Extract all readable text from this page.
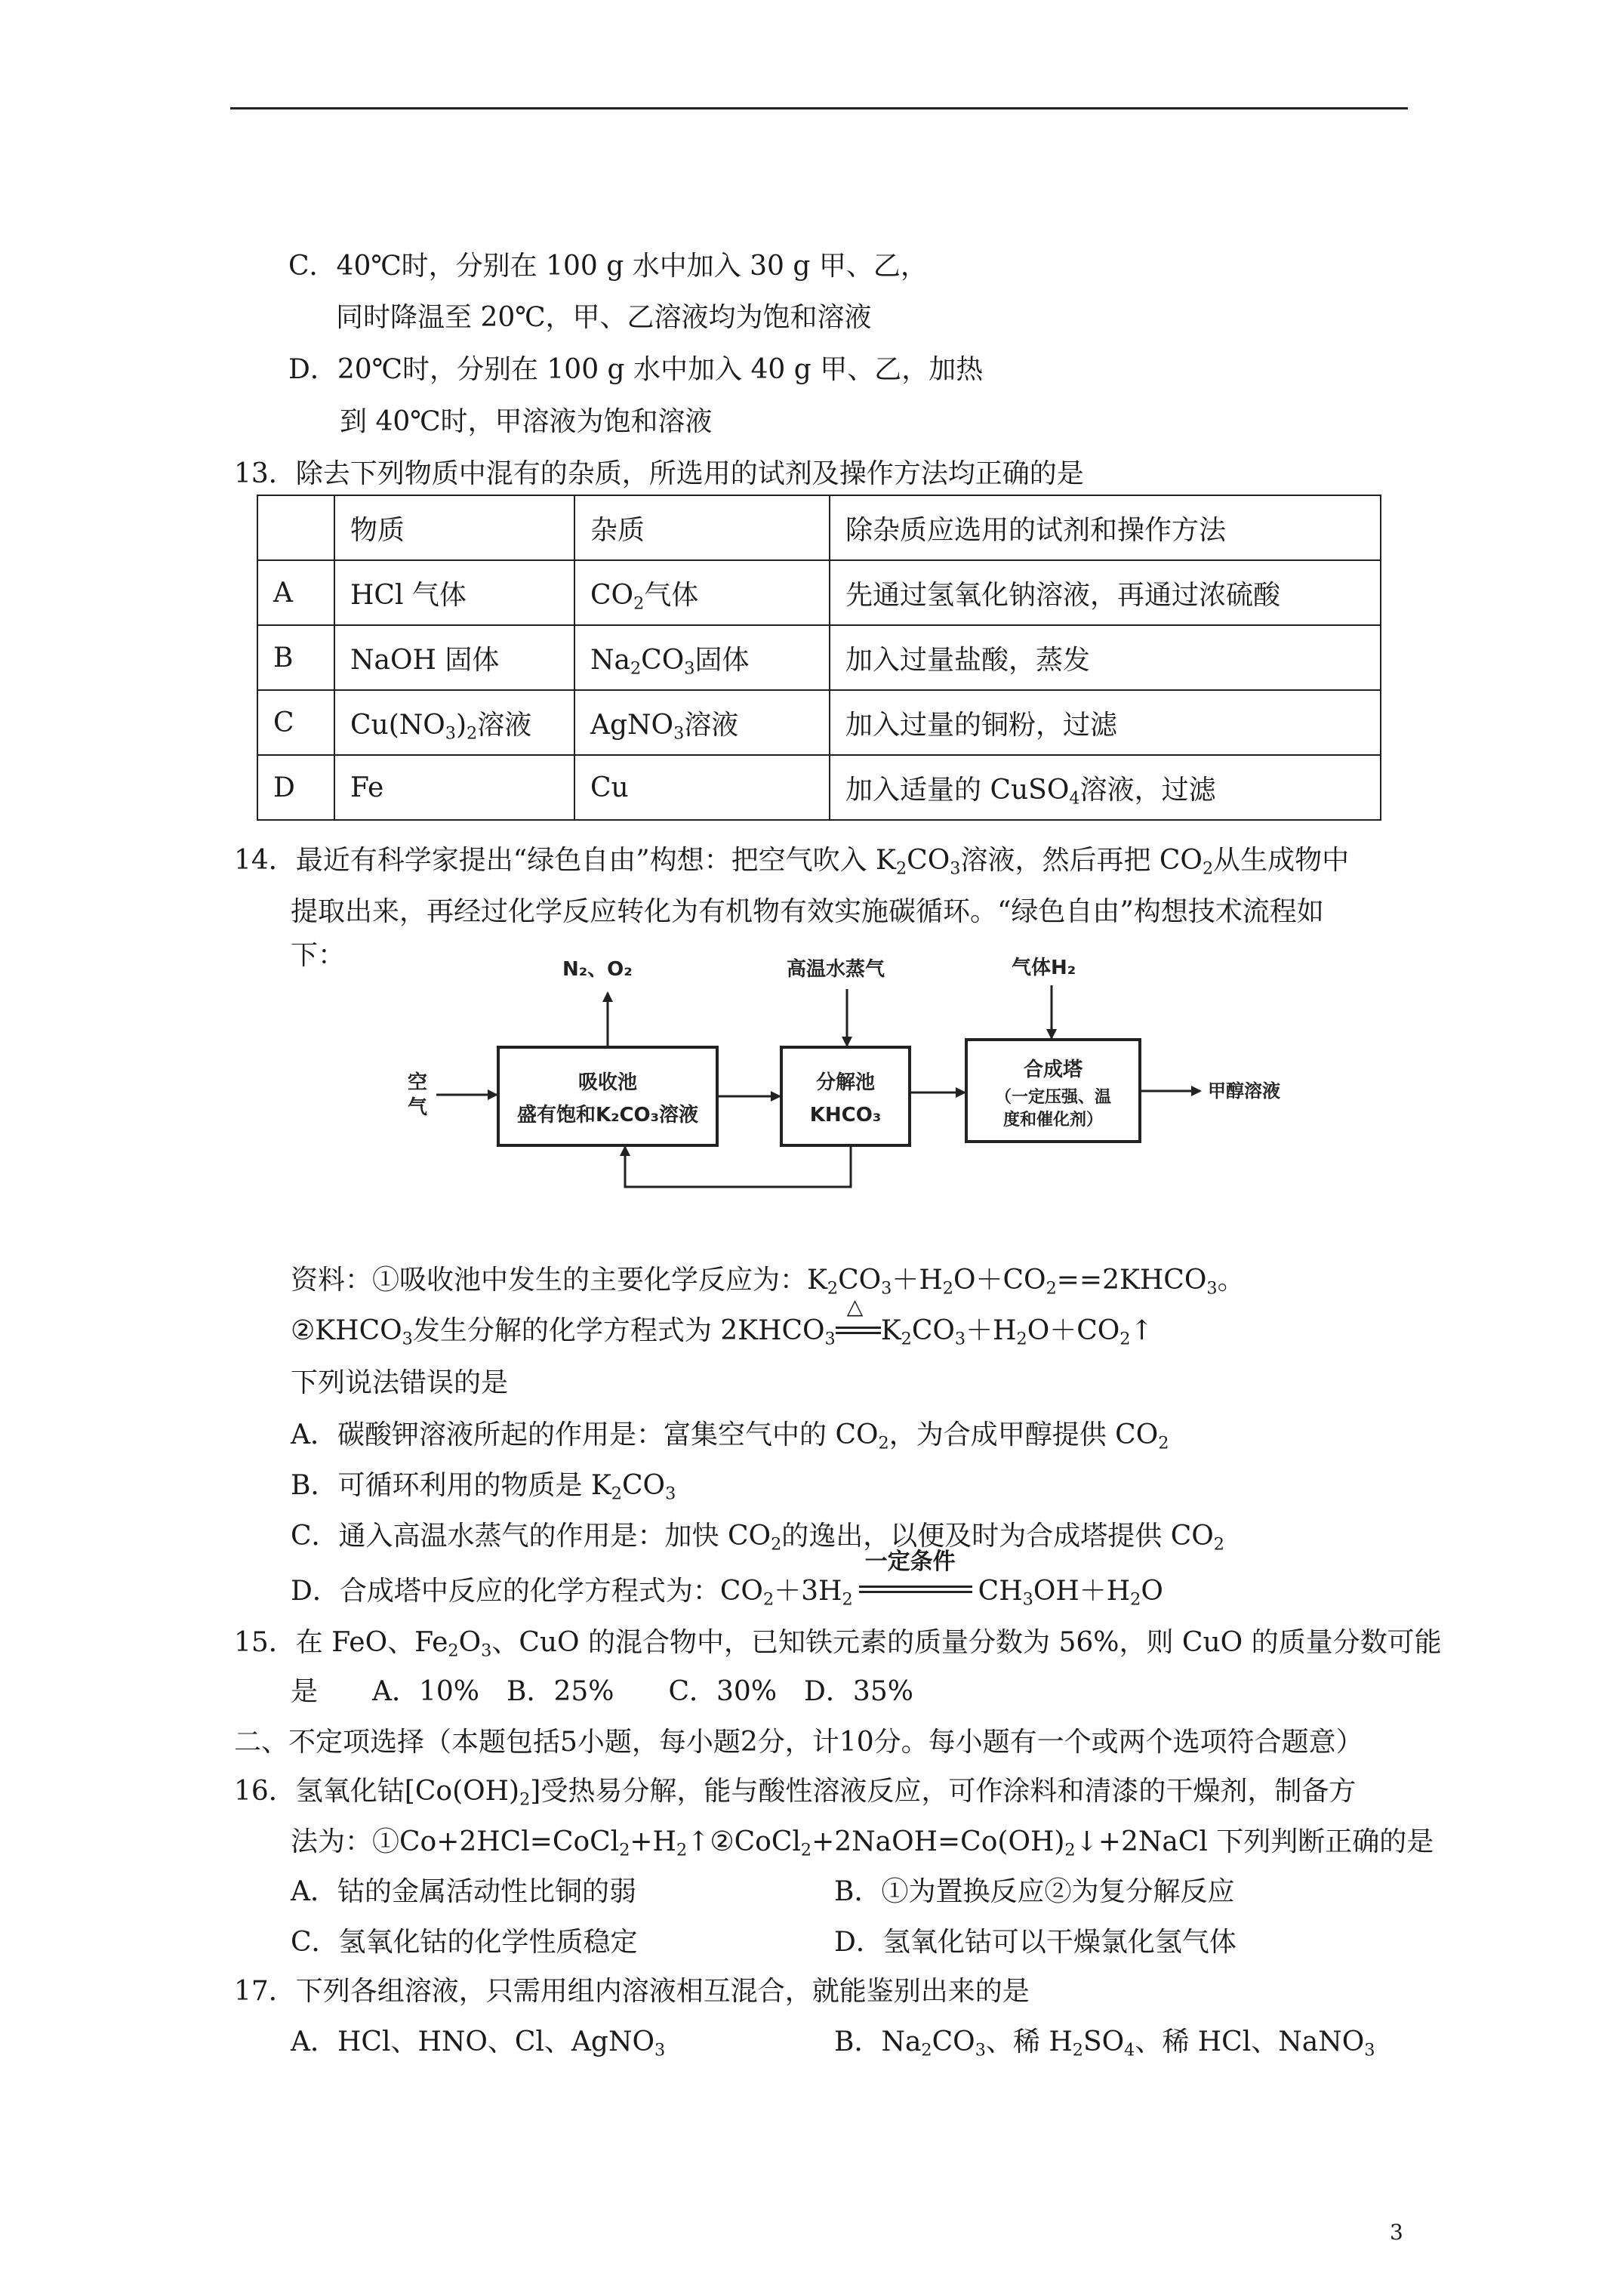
C．40℃时，分别在 100 g 水中加入 30 g 甲、乙，
同时降温至 20℃，甲、乙溶液均为饱和溶液
D．20℃时，分别在 100 g 水中加入 40 g 甲、乙，加热
到 40℃时，甲溶液为饱和溶液
13．除去下列物质中混有的杂质，所选用的试剂及操作方法均正确的是
	物质	杂质	除杂质应选用的试剂和操作方法
A	HCl 气体	$CO_2$气体	先通过氢氧化钠溶液，再通过浓硫酸
B	NaOH 固体	$Na_2CO_3$固体	加入过量盐酸，蒸发
C	$Cu(NO_3)_2$溶液	AgNO$_3$溶液	加入过量的铜粉，过滤
D	Fe	Cu	加入适量的 CuSO$_4$溶液，过滤
14．最近有科学家提出“绿色自由”构想：把空气吹入 $K_2CO_3$溶液，然后再把 $CO_2$从生成物中
提取出来，再经过化学反应转化为有机物有效实施碳循环。“绿色自由”构想技术流程如
下：
空
气
N₂、O₂	高温水蒸气	气体H₂
吸收池
盛有饱和K₂CO₃溶液
分解池
KHCO₃
合成塔
（一定压强、温
度和催化剂）
甲醇溶液
资料：①吸收池中发生的主要化学反应为：$K_2CO_3+H_2O+CO_2==2KHCO_3$。
$②KHCO_3$发生分解的化学方程式为 $2KHCO_3$
△
$K_2CO_3+H_2O+CO_2↑$
下列说法错误的是
A．碳酸钾溶液所起的作用是：富集空气中的 $CO_2$，为合成甲醇提供 $CO_2$
B．可循环利用的物质是 $K_2CO_3$
C．通入高温水蒸气的作用是：加快 $CO_2$的逸出，以便及时为合成塔提供 $CO_2$
D．合成塔中反应的化学方程式为：$CO_2+3H_2$
一定条件
$CH_3OH+H_2O$
15．在 FeO、$Fe_2O_3$、CuO 的混合物中，已知铁元素的质量分数为 56%，则 CuO 的质量分数可能
是　　A．10%　B．25%　　C．30%　D．35%
二、不定项选择（本题包括5小题，每小题2分，计10分。每小题有一个或两个选项符合题意）
16．氢氧化钴$[Co(OH)_2]$受热易分解，能与酸性溶液反应，可作涂料和清漆的干燥剂，制备方
法为：$①Co+2HCl=CoCl_2+H_2↑②CoCl_2+2NaOH=Co(OH)_2↓+2NaCl$ 下列判断正确的是
A．钴的金属活动性比铜的弱	B．①为置换反应②为复分解反应
C．氢氧化钴的化学性质稳定	D．氢氧化钴可以干燥氯化氢气体
17．下列各组溶液，只需用组内溶液相互混合，就能鉴别出来的是
A．HCl、HNO、Cl、AgNO$_3$	B．$Na_2CO_3$、稀 $H_2SO_4$、稀 HCl、NaNO$_3$
3
